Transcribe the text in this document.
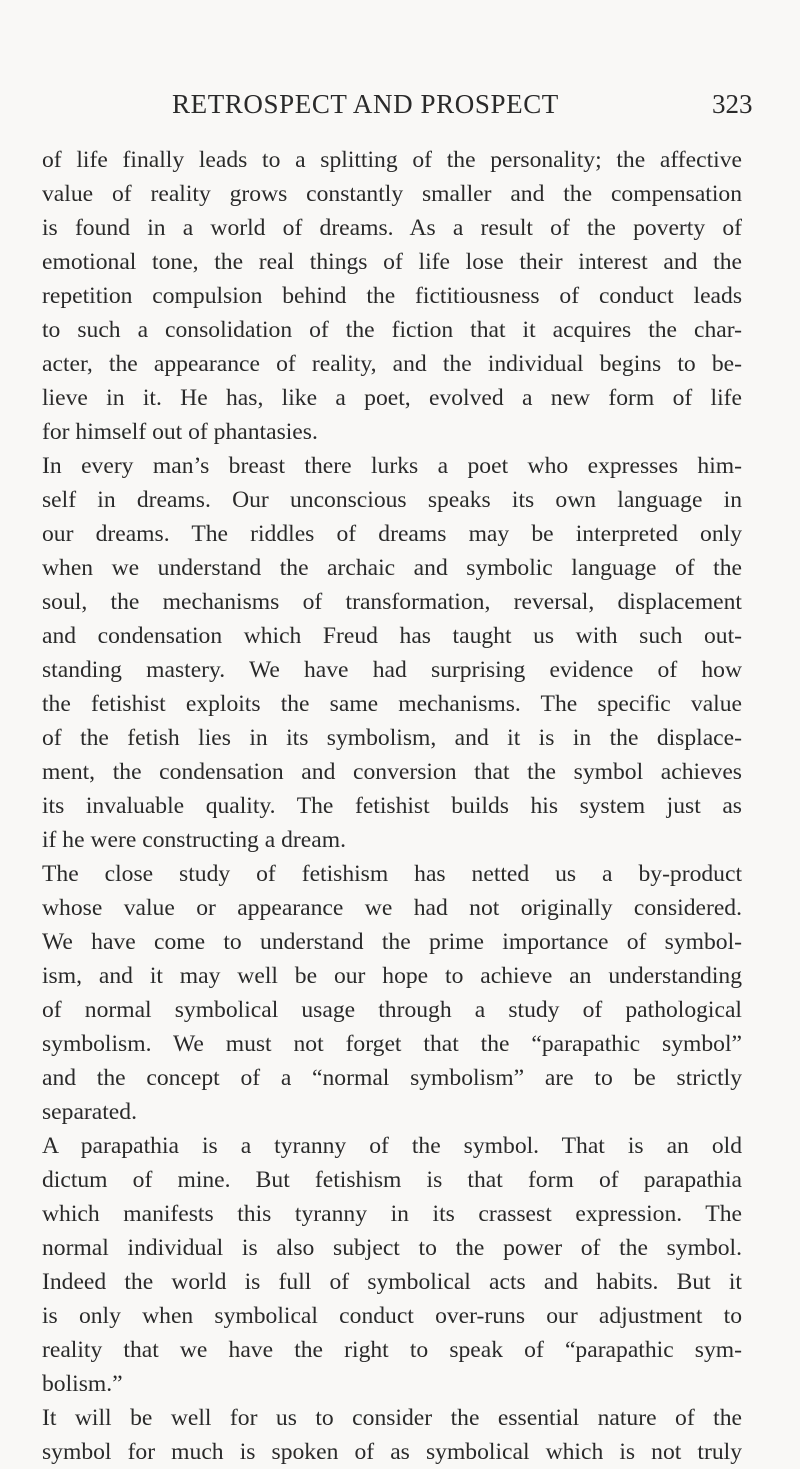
RETROSPECT AND PROSPECT	323
of life finally leads to a splitting of the personality; the affective
value of reality grows constantly smaller and the compensation
is found in a world of dreams. As a result of the poverty of
emotional tone, the real things of life lose their interest and the
repetition compulsion behind the fictitiousness of conduct leads
to such a consolidation of the fiction that it acquires the char-
acter, the appearance of reality, and the individual begins to be-
lieve in it. He has, like a poet, evolved a new form of life
for himself out of phantasies.
In every man’s breast there lurks a poet who expresses him-
self in dreams. Our unconscious speaks its own language in
our dreams. The riddles of dreams may be interpreted only
when we understand the archaic and symbolic language of the
soul, the mechanisms of transformation, reversal, displacement
and condensation which Freud has taught us with such out-
standing mastery. We have had surprising evidence of how
the fetishist exploits the same mechanisms. The specific value
of the fetish lies in its symbolism, and it is in the displace-
ment, the condensation and conversion that the symbol achieves
its invaluable quality. The fetishist builds his system just as
if he were constructing a dream.
The close study of fetishism has netted us a by-product
whose value or appearance we had not originally considered.
We have come to understand the prime importance of symbol-
ism, and it may well be our hope to achieve an understanding
of normal symbolical usage through a study of pathological
symbolism. We must not forget that the “parapathic symbol”
and the concept of a “normal symbolism” are to be strictly
separated.
A parapathia is a tyranny of the symbol. That is an old
dictum of mine. But fetishism is that form of parapathia
which manifests this tyranny in its crassest expression. The
normal individual is also subject to the power of the symbol.
Indeed the world is full of symbolical acts and habits. But it
is only when symbolical conduct over-runs our adjustment to
reality that we have the right to speak of “parapathic sym-
bolism.”
It will be well for us to consider the essential nature of the
symbol for much is spoken of as symbolical which is not truly
